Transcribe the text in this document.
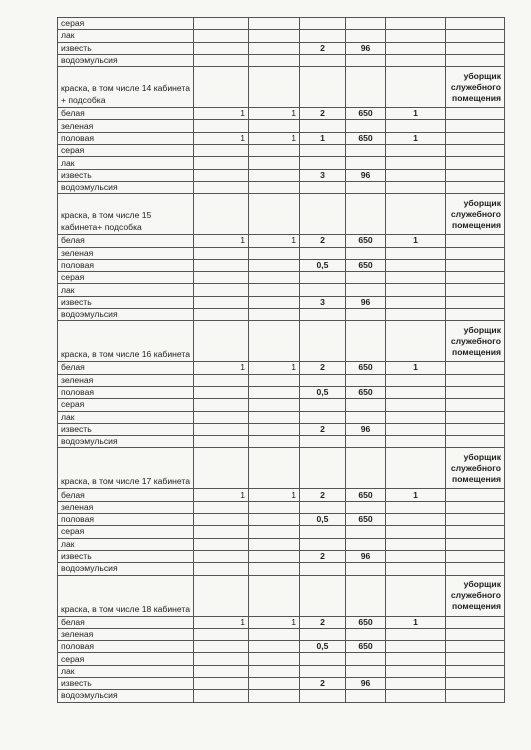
серая						
лак						
известь			2	96		
водоэмульсия						
краска, в том числе 14 кабинета + подсобка						уборщик служебного помещения
белая	1	1	2	650	1	
зеленая						
половая	1	1	1	650	1	
серая						
лак						
известь			3	96		
водоэмульсия						
краска, в том числе 15 кабинета+ подсобка						уборщик служебного помещения
белая	1	1	2	650	1	
зеленая						
половая			0,5	650		
серая						
лак						
известь			3	96		
водоэмульсия						
краска, в том числе 16 кабинета						уборщик служебного помещения
белая	1	1	2	650	1	
зеленая						
половая			0,5	650		
серая						
лак						
известь			2	96		
водоэмульсия						
краска, в том числе 17 кабинета						уборщик служебного помещения
белая	1	1	2	650	1	
зеленая						
половая			0,5	650		
серая						
лак						
известь			2	96		
водоэмульсия						
краска, в том числе 18 кабинета						уборщик служебного помещения
белая	1	1	2	650	1	
зеленая						
половая			0,5	650		
серая						
лак						
известь			2	96		
водоэмульсия						
